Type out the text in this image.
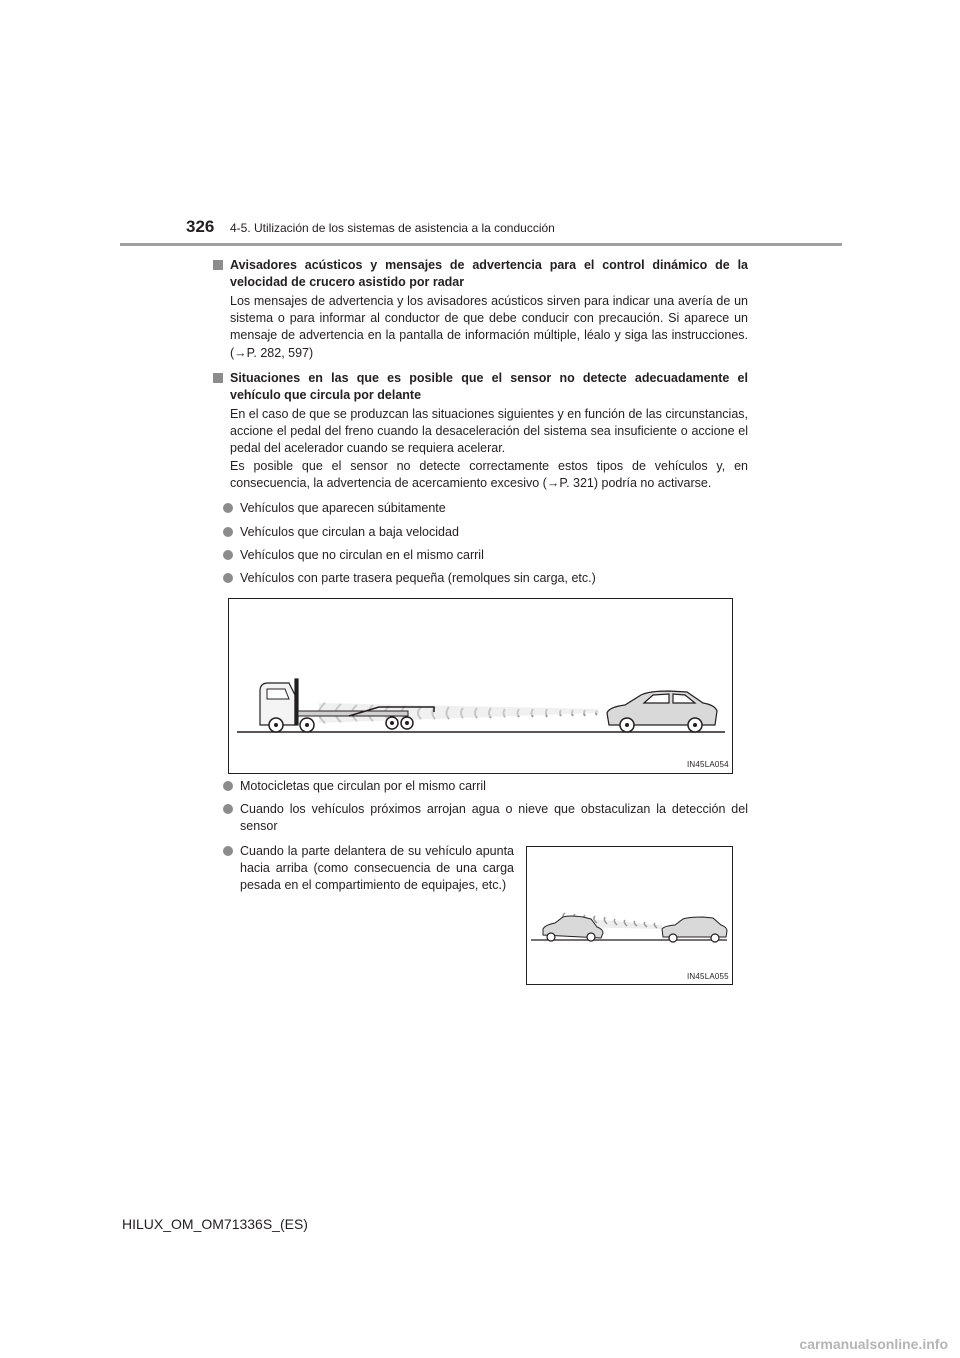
326 4-5. Utilización de los sistemas de asistencia a la conducción
Avisadores acústicos y mensajes de advertencia para el control dinámico de la
velocidad de crucero asistido por radar
Los mensajes de advertencia y los avisadores acústicos sirven para indicar una avería de un sistema o para informar al conductor de que debe conducir con precaución. Si aparece un mensaje de advertencia en la pantalla de información múltiple, léalo y siga las instrucciones. (→P. 282, 597)
Situaciones en las que es posible que el sensor no detecte adecuadamente el
vehículo que circula por delante
En el caso de que se produzcan las situaciones siguientes y en función de las circunstancias, accione el pedal del freno cuando la desaceleración del sistema sea insuficiente o accione el pedal del acelerador cuando se requiera acelerar.
Es posible que el sensor no detecte correctamente estos tipos de vehículos y, en consecuencia, la advertencia de acercamiento excesivo (→P. 321) podría no activarse.
Vehículos que aparecen súbitamente
Vehículos que circulan a baja velocidad
Vehículos que no circulan en el mismo carril
Vehículos con parte trasera pequeña (remolques sin carga, etc.)
IN45LA054
Motocicletas que circulan por el mismo carril
Cuando los vehículos próximos arrojan agua o nieve que obstaculizan la detección del sensor
Cuando la parte delantera de su vehículo apunta hacia arriba (como consecuencia de una carga pesada en el compartimiento de equipajes, etc.)
IN45LA055
HILUX_OM_OM71336S_(ES)
carmanualsonline.info
